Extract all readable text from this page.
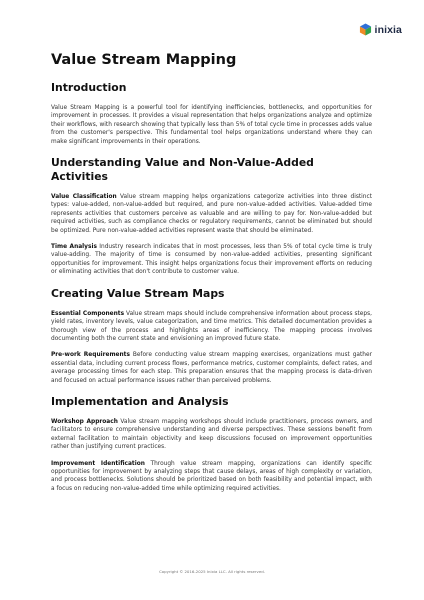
inixia
Value Stream Mapping
Introduction

Value Stream Mapping is a powerful tool for identifying inefficiencies, bottlenecks, and opportunities for improvement in processes. It provides a visual representation that helps organizations analyze and optimize their workflows, with research showing that typically less than 5% of total cycle time in processes adds value from the customer's perspective. This fundamental tool helps organizations understand where they can make significant improvements in their operations.

Understanding Value and Non-Value-Added Activities

Value Classification Value stream mapping helps organizations categorize activities into three distinct types: value-added, non-value-added but required, and pure non-value-added activities. Value-added time represents activities that customers perceive as valuable and are willing to pay for. Non-value-added but required activities, such as compliance checks or regulatory requirements, cannot be eliminated but should be optimized. Pure non-value-added activities represent waste that should be eliminated.

Time Analysis Industry research indicates that in most processes, less than 5% of total cycle time is truly value-adding. The majority of time is consumed by non-value-added activities, presenting significant opportunities for improvement. This insight helps organizations focus their improvement efforts on reducing or eliminating activities that don't contribute to customer value.

Creating Value Stream Maps

Essential Components Value stream maps should include comprehensive information about process steps, yield rates, inventory levels, value categorization, and time metrics. This detailed documentation provides a thorough view of the process and highlights areas of inefficiency. The mapping process involves documenting both the current state and envisioning an improved future state.

Pre-work Requirements Before conducting value stream mapping exercises, organizations must gather essential data, including current process flows, performance metrics, customer complaints, defect rates, and average processing times for each step. This preparation ensures that the mapping process is data-driven and focused on actual performance issues rather than perceived problems.

Implementation and Analysis

Workshop Approach Value stream mapping workshops should include practitioners, process owners, and facilitators to ensure comprehensive understanding and diverse perspectives. These sessions benefit from external facilitation to maintain objectivity and keep discussions focused on improvement opportunities rather than justifying current practices.

Improvement Identification Through value stream mapping, organizations can identify specific opportunities for improvement by analyzing steps that cause delays, areas of high complexity or variation, and process bottlenecks. Solutions should be prioritized based on both feasibility and potential impact, with a focus on reducing non-value-added time while optimizing required activities.

Copyright © 2016-2025 Inixia LLC. All rights reserved.
